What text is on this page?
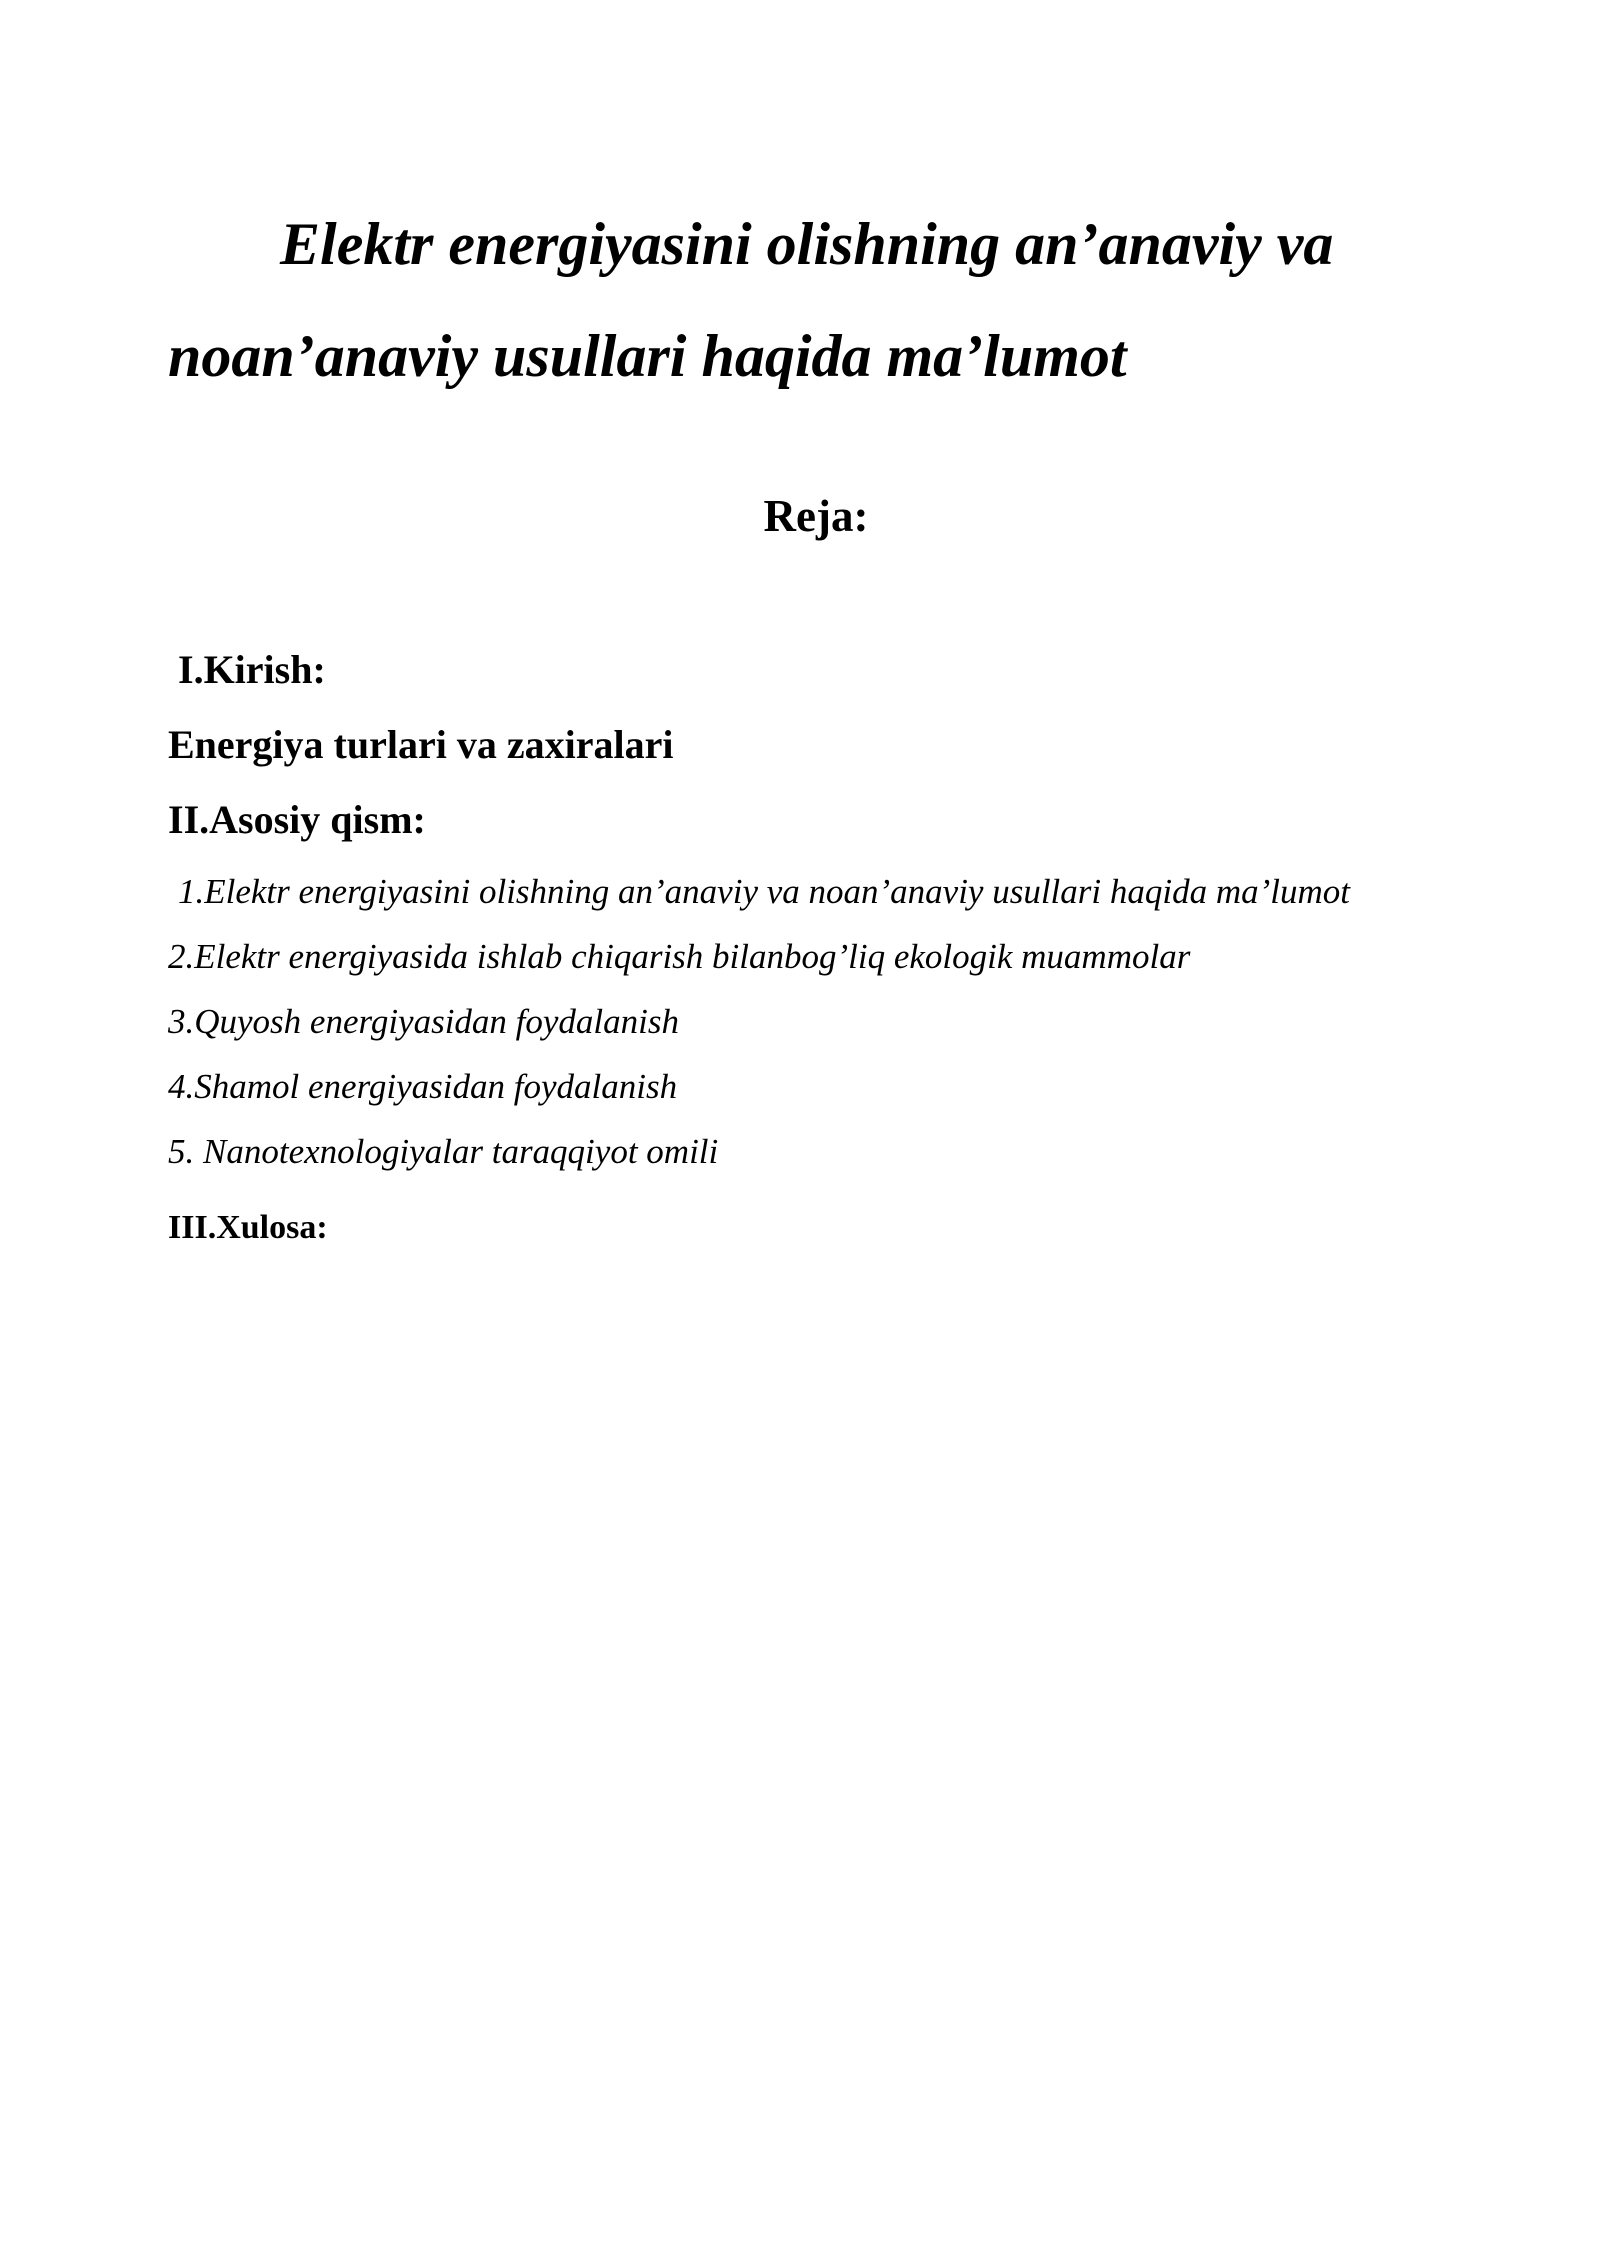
Elektr energiyasini olishning an’anaviy va noan’anaviy usullari haqida ma’lumot

Reja:

I.Kirish:

Energiya turlari va zaxiralari

II.Asosiy qism:

1.Elektr energiyasini olishning an’anaviy va noan’anaviy usullari haqida ma’lumot

2.Elektr energiyasida ishlab chiqarish bilanbog’liq ekologik muammolar

3.Quyosh energiyasidan foydalanish

4.Shamol energiyasidan foydalanish

5. Nanotexnologiyalar taraqqiyot omili

III.Xulosa:
